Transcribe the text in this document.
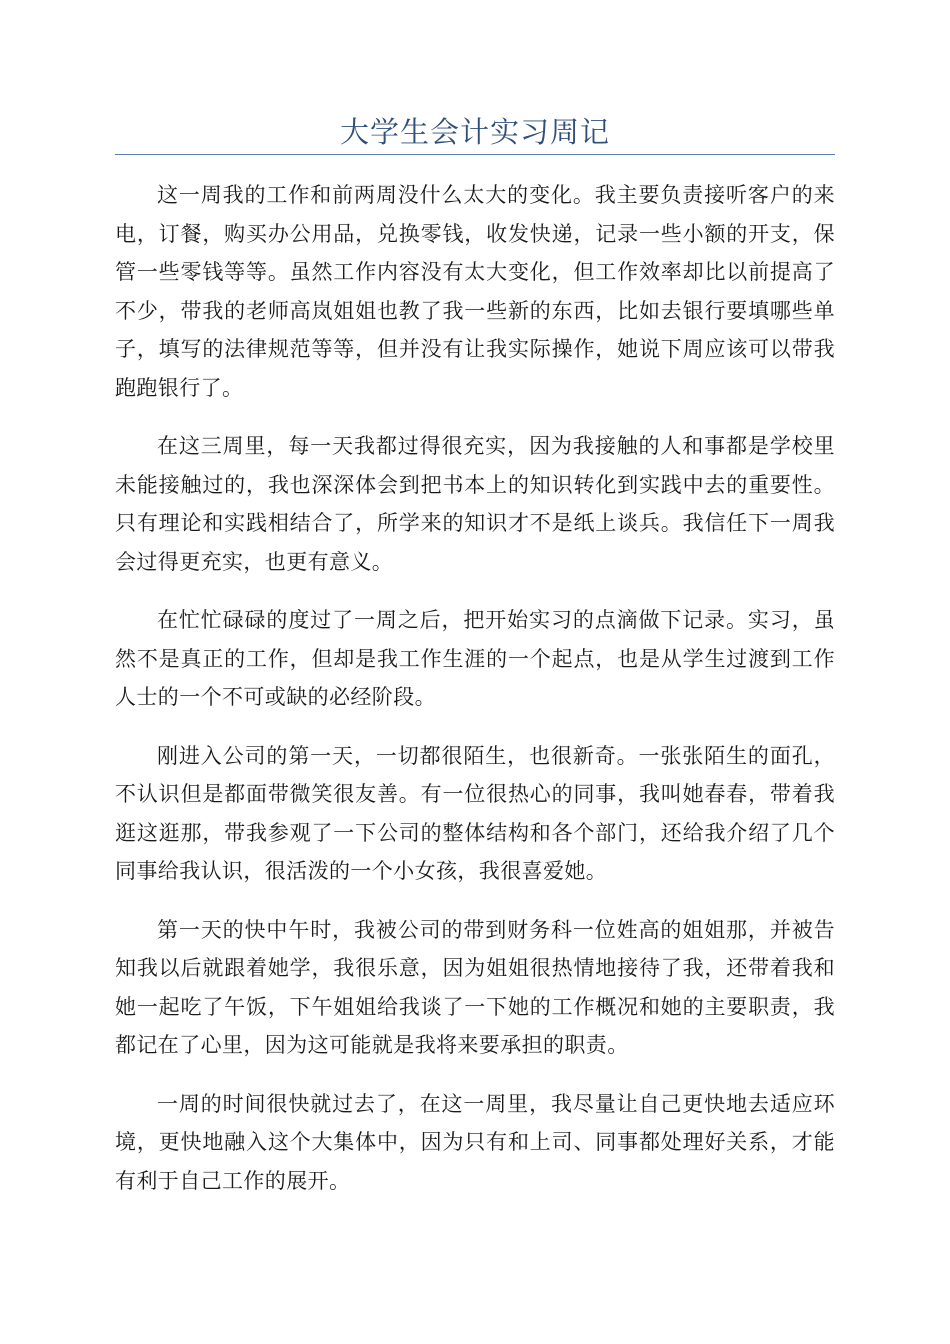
大学生会计实习周记

这一周我的工作和前两周没什么太大的变化。我主要负责接听客户的来电，订餐，购买办公用品，兑换零钱，收发快递，记录一些小额的开支，保管一些零钱等等。虽然工作内容没有太大变化，但工作效率却比以前提高了不少，带我的老师高岚姐姐也教了我一些新的东西，比如去银行要填哪些单子，填写的法律规范等等，但并没有让我实际操作，她说下周应该可以带我跑跑银行了。

在这三周里，每一天我都过得很充实，因为我接触的人和事都是学校里未能接触过的，我也深深体会到把书本上的知识转化到实践中去的重要性。只有理论和实践相结合了，所学来的知识才不是纸上谈兵。我信任下一周我会过得更充实，也更有意义。

在忙忙碌碌的度过了一周之后，把开始实习的点滴做下记录。实习，虽然不是真正的工作，但却是我工作生涯的一个起点，也是从学生过渡到工作人士的一个不可或缺的必经阶段。

刚进入公司的第一天，一切都很陌生，也很新奇。一张张陌生的面孔，不认识但是都面带微笑很友善。有一位很热心的同事，我叫她春春，带着我逛这逛那，带我参观了一下公司的整体结构和各个部门，还给我介绍了几个同事给我认识，很活泼的一个小女孩，我很喜爱她。

第一天的快中午时，我被公司的带到财务科一位姓高的姐姐那，并被告知我以后就跟着她学，我很乐意，因为姐姐很热情地接待了我，还带着我和她一起吃了午饭，下午姐姐给我谈了一下她的工作概况和她的主要职责，我都记在了心里，因为这可能就是我将来要承担的职责。

一周的时间很快就过去了，在这一周里，我尽量让自己更快地去适应环境，更快地融入这个大集体中，因为只有和上司、同事都处理好关系，才能有利于自己工作的展开。
